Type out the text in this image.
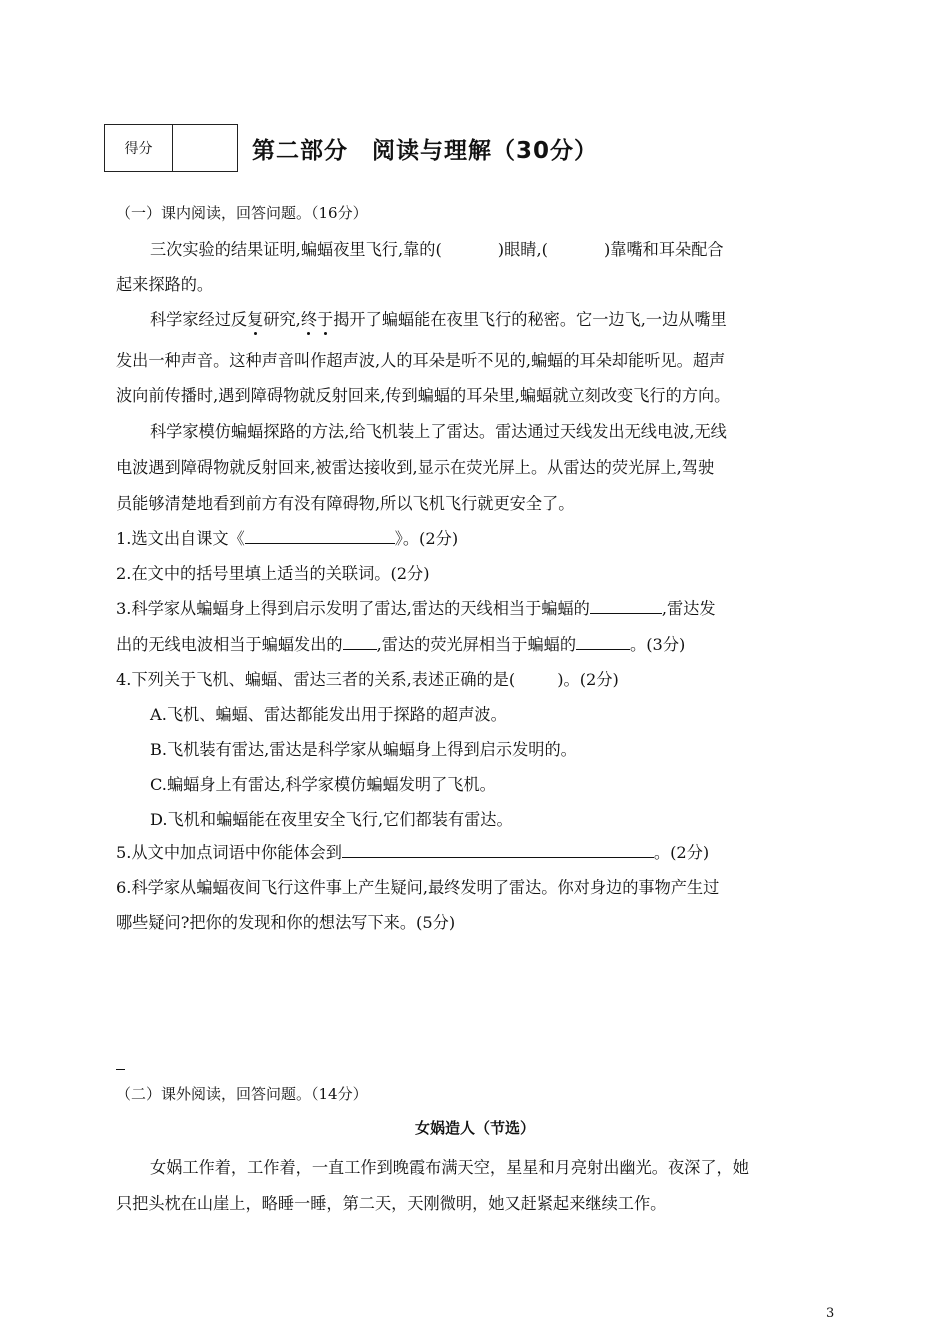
得分	第二部分　阅读与理解（30分）
（一）课内阅读，回答问题。（16分）
三次实验的结果证明,蝙蝠夜里飞行,靠的(	)眼睛,(	)靠嘴和耳朵配合
起来探路的。
科学家经过反复研究,终于揭开了蝙蝠能在夜里飞行的秘密。它一边飞,一边从嘴里
发出一种声音。这种声音叫作超声波,人的耳朵是听不见的,蝙蝠的耳朵却能听见。超声
波向前传播时,遇到障碍物就反射回来,传到蝙蝠的耳朵里,蝙蝠就立刻改变飞行的方向。
科学家模仿蝙蝠探路的方法,给飞机装上了雷达。雷达通过天线发出无线电波,无线
电波遇到障碍物就反射回来,被雷达接收到,显示在荧光屏上。从雷达的荧光屏上,驾驶
员能够清楚地看到前方有没有障碍物,所以飞机飞行就更安全了。
1.选文出自课文《	》。(2分)
2.在文中的括号里填上适当的关联词。(2分)
3.科学家从蝙蝠身上得到启示发明了雷达,雷达的天线相当于蝙蝠的	,雷达发
出的无线电波相当于蝙蝠发出的 ,雷达的荧光屏相当于蝙蝠的	。(3分)
4.下列关于飞机、蝙蝠、雷达三者的关系,表述正确的是(	)。(2分)
A.飞机、蝙蝠、雷达都能发出用于探路的超声波。
B.飞机装有雷达,雷达是科学家从蝙蝠身上得到启示发明的。
C.蝙蝠身上有雷达,科学家模仿蝙蝠发明了飞机。
D.飞机和蝙蝠能在夜里安全飞行,它们都装有雷达。
5.从文中加点词语中你能体会到	。(2分)
6.科学家从蝙蝠夜间飞行这件事上产生疑问,最终发明了雷达。你对身边的事物产生过
哪些疑问?把你的发现和你的想法写下来。(5分)
（二）课外阅读，回答问题。（14分）
女娲造人（节选）
女娲工作着，工作着，一直工作到晚霞布满天空，星星和月亮射出幽光。夜深了，她
只把头枕在山崖上，略睡一睡，第二天，天刚微明，她又赶紧起来继续工作。
3
